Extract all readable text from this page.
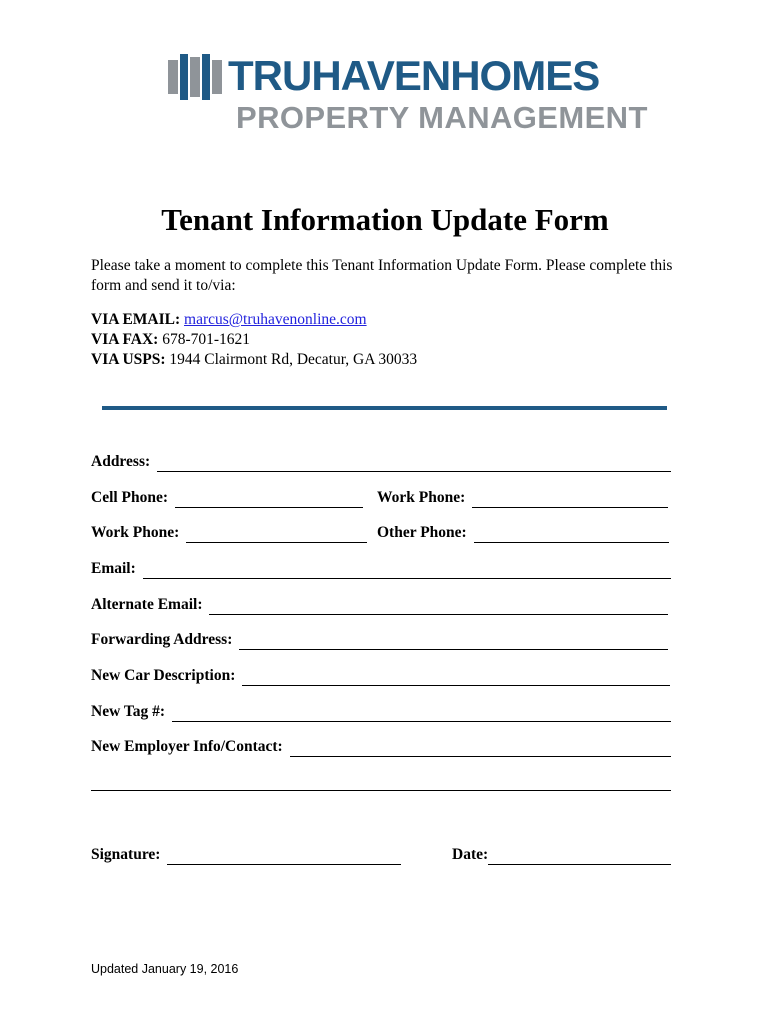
TRUHAVENHOMES
PROPERTY MANAGEMENT
Tenant Information Update Form
Please take a moment to complete this Tenant Information Update Form. Please complete this form and send it to/via:
VIA EMAIL: marcus@truhavenonline.com
VIA FAX: 678-701-1621
VIA USPS: 1944 Clairmont Rd, Decatur, GA 30033
Address:
Cell Phone:	Work Phone:
Work Phone:	Other Phone:
Email:
Alternate Email:
Forwarding Address:
New Car Description:
New Tag #:
New Employer Info/Contact:
Signature:	Date:
Updated January 19, 2016
